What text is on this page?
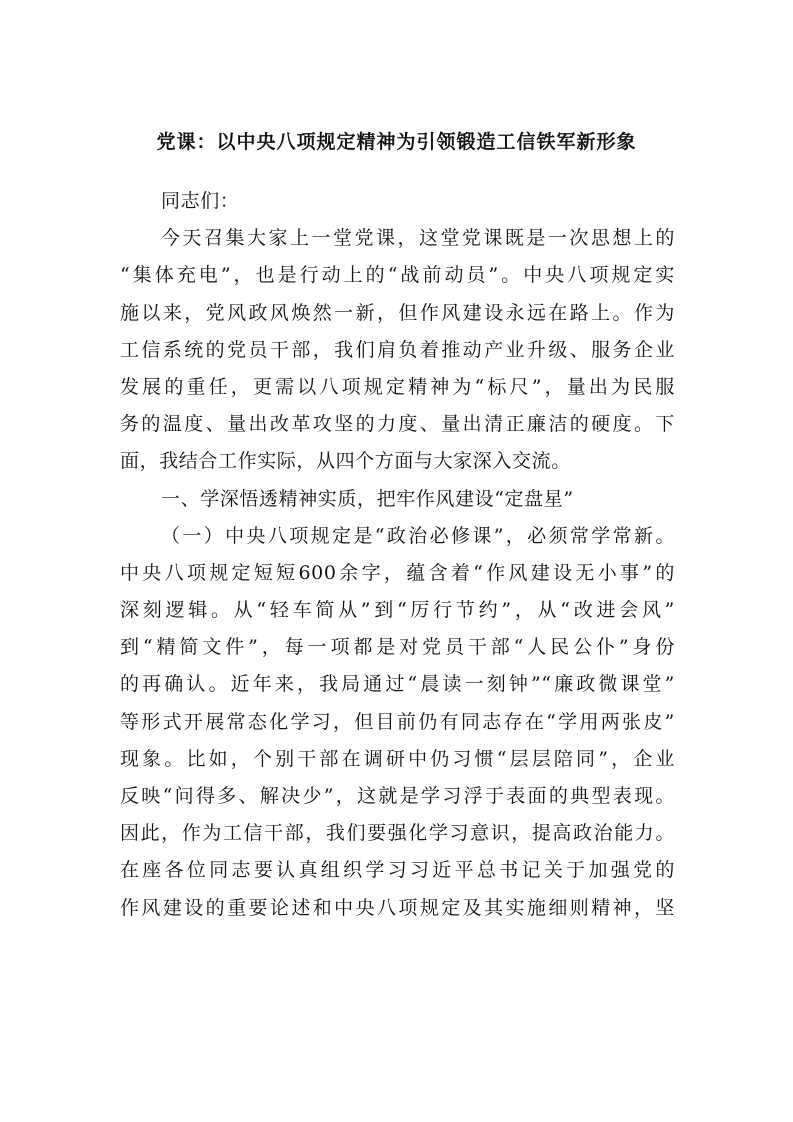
党课：以中央八项规定精神为引领锻造工信铁军新形象
同志们：
今天召集大家上一堂党课，这堂党课既是一次思想上的
“集体充电”，也是行动上的“战前动员”。中央八项规定实
施以来，党风政风焕然一新，但作风建设永远在路上。作为
工信系统的党员干部，我们肩负着推动产业升级、服务企业
发展的重任，更需以八项规定精神为“标尺”，量出为民服
务的温度、量出改革攻坚的力度、量出清正廉洁的硬度。下
面，我结合工作实际，从四个方面与大家深入交流。
一、学深悟透精神实质，把牢作风建设“定盘星”
（一）中央八项规定是“政治必修课”，必须常学常新。
中央八项规定短短600余字，蕴含着“作风建设无小事”的
深刻逻辑。从“轻车简从”到“厉行节约”，从“改进会风”
到“精简文件”，每一项都是对党员干部“人民公仆”身份
的再确认。近年来，我局通过“晨读一刻钟”“廉政微课堂”
等形式开展常态化学习，但目前仍有同志存在“学用两张皮”
现象。比如，个别干部在调研中仍习惯“层层陪同”，企业
反映“问得多、解决少”，这就是学习浮于表面的典型表现。
因此，作为工信干部，我们要强化学习意识，提高政治能力。
在座各位同志要认真组织学习习近平总书记关于加强党的
作风建设的重要论述和中央八项规定及其实施细则精神，坚
